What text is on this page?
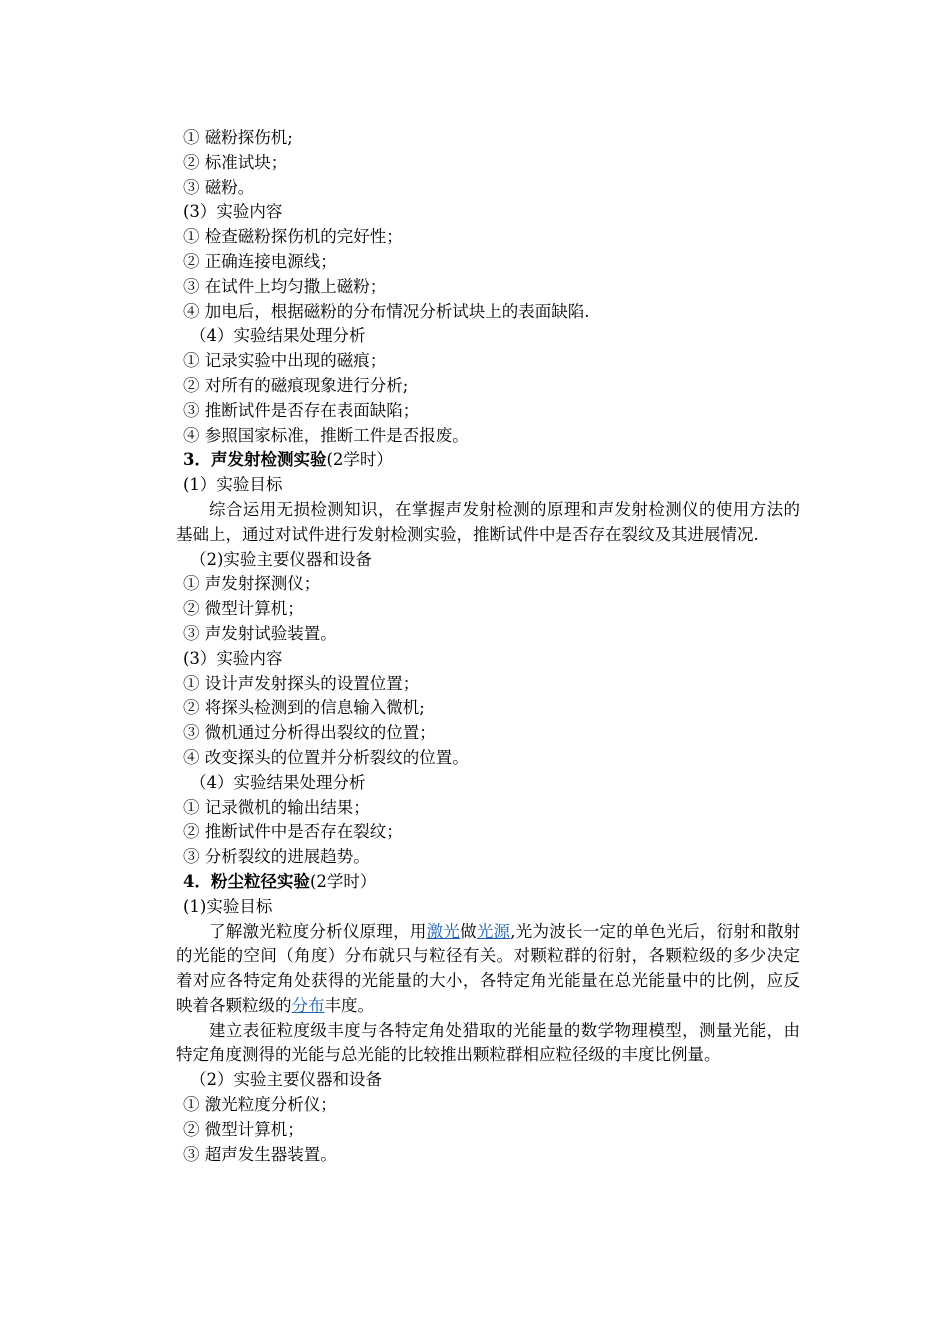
① 磁粉探伤机;
② 标准试块；
③ 磁粉。
(3）实验内容
① 检查磁粉探伤机的完好性；
② 正确连接电源线；
③ 在试件上均匀撒上磁粉；
④ 加电后，根据磁粉的分布情况分析试块上的表面缺陷.
（4）实验结果处理分析
① 记录实验中出现的磁痕；
② 对所有的磁痕现象进行分析;
③ 推断试件是否存在表面缺陷；
④ 参照国家标准，推断工件是否报废。
3．声发射检测实验(2学时）
(1）实验目标
综合运用无损检测知识，在掌握声发射检测的原理和声发射检测仪的使用方法的基础上，通过对试件进行发射检测实验，推断试件中是否存在裂纹及其进展情况.
（2)实验主要仪器和设备
① 声发射探测仪；
② 微型计算机；
③ 声发射试验装置。
(3）实验内容
① 设计声发射探头的设置位置；
② 将探头检测到的信息输入微机;
③ 微机通过分析得出裂纹的位置；
④ 改变探头的位置并分析裂纹的位置。
（4）实验结果处理分析
① 记录微机的输出结果；
② 推断试件中是否存在裂纹；
③ 分析裂纹的进展趋势。
4．粉尘粒径实验(2学时）
(1)实验目标
了解激光粒度分析仪原理，用激光做光源,光为波长一定的单色光后，衍射和散射的光能的空间（角度）分布就只与粒径有关。对颗粒群的衍射，各颗粒级的多少决定着对应各特定角处获得的光能量的大小，各特定角光能量在总光能量中的比例，应反映着各颗粒级的分布丰度。
建立表征粒度级丰度与各特定角处猎取的光能量的数学物理模型，测量光能，由特定角度测得的光能与总光能的比较推出颗粒群相应粒径级的丰度比例量。
（2）实验主要仪器和设备
① 激光粒度分析仪；
② 微型计算机；
③ 超声发生器装置。
